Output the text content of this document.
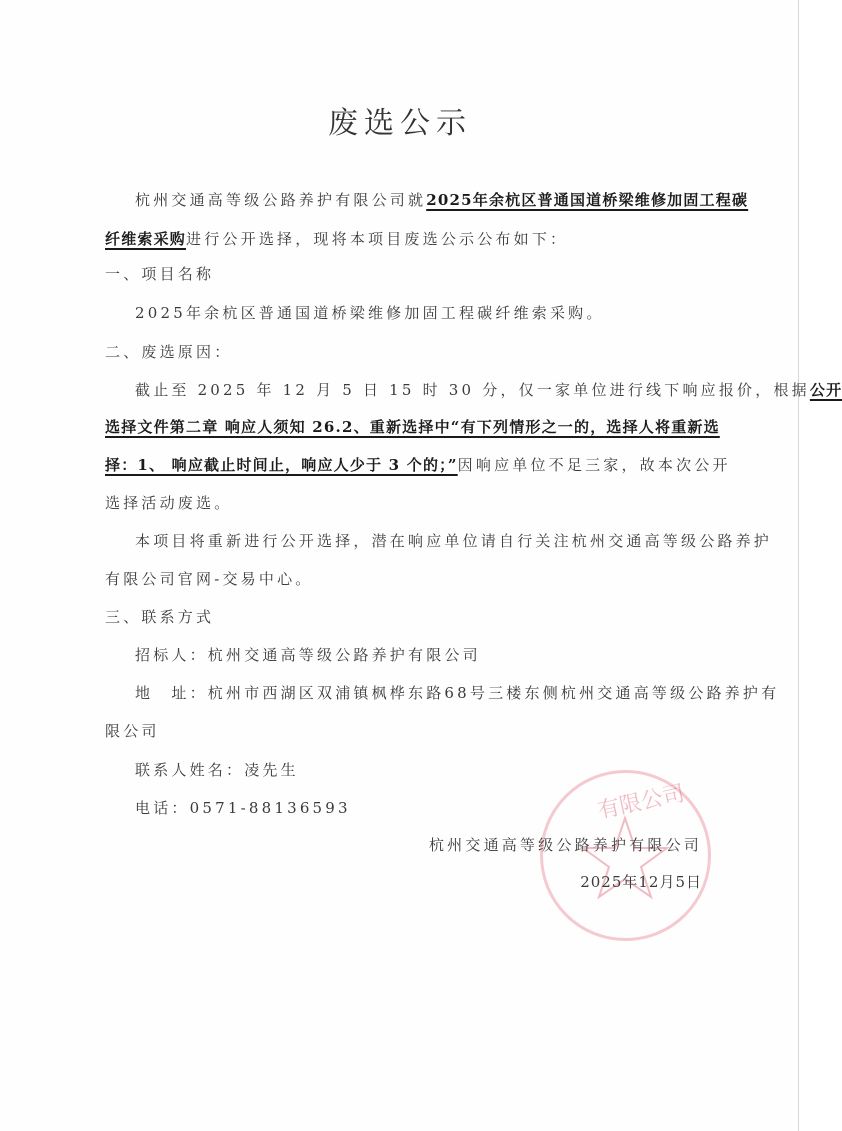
废选公示
杭州交通高等级公路养护有限公司就2025年余杭区普通国道桥梁维修加固工程碳
纤维索采购进行公开选择，现将本项目废选公示公布如下：
一、项目名称
2025年余杭区普通国道桥梁维修加固工程碳纤维索采购。
二、废选原因：
截止至 2025 年 12 月 5 日 15 时 30 分，仅一家单位进行线下响应报价，根据公开
选择文件第二章 响应人须知 26.2、重新选择中“有下列情形之一的，选择人将重新选
择：1、 响应截止时间止，响应人少于 3 个的；”因响应单位不足三家，故本次公开
选择活动废选。
本项目将重新进行公开选择，潜在响应单位请自行关注杭州交通高等级公路养护
有限公司官网-交易中心。
三、联系方式
招标人：杭州交通高等级公路养护有限公司
地　址：杭州市西湖区双浦镇枫桦东路68号三楼东侧杭州交通高等级公路养护有
限公司
联系人姓名：凌先生
电话：0571-88136593	有限公司
杭州交通高等级公路养护有限公司
2025年12月5日
